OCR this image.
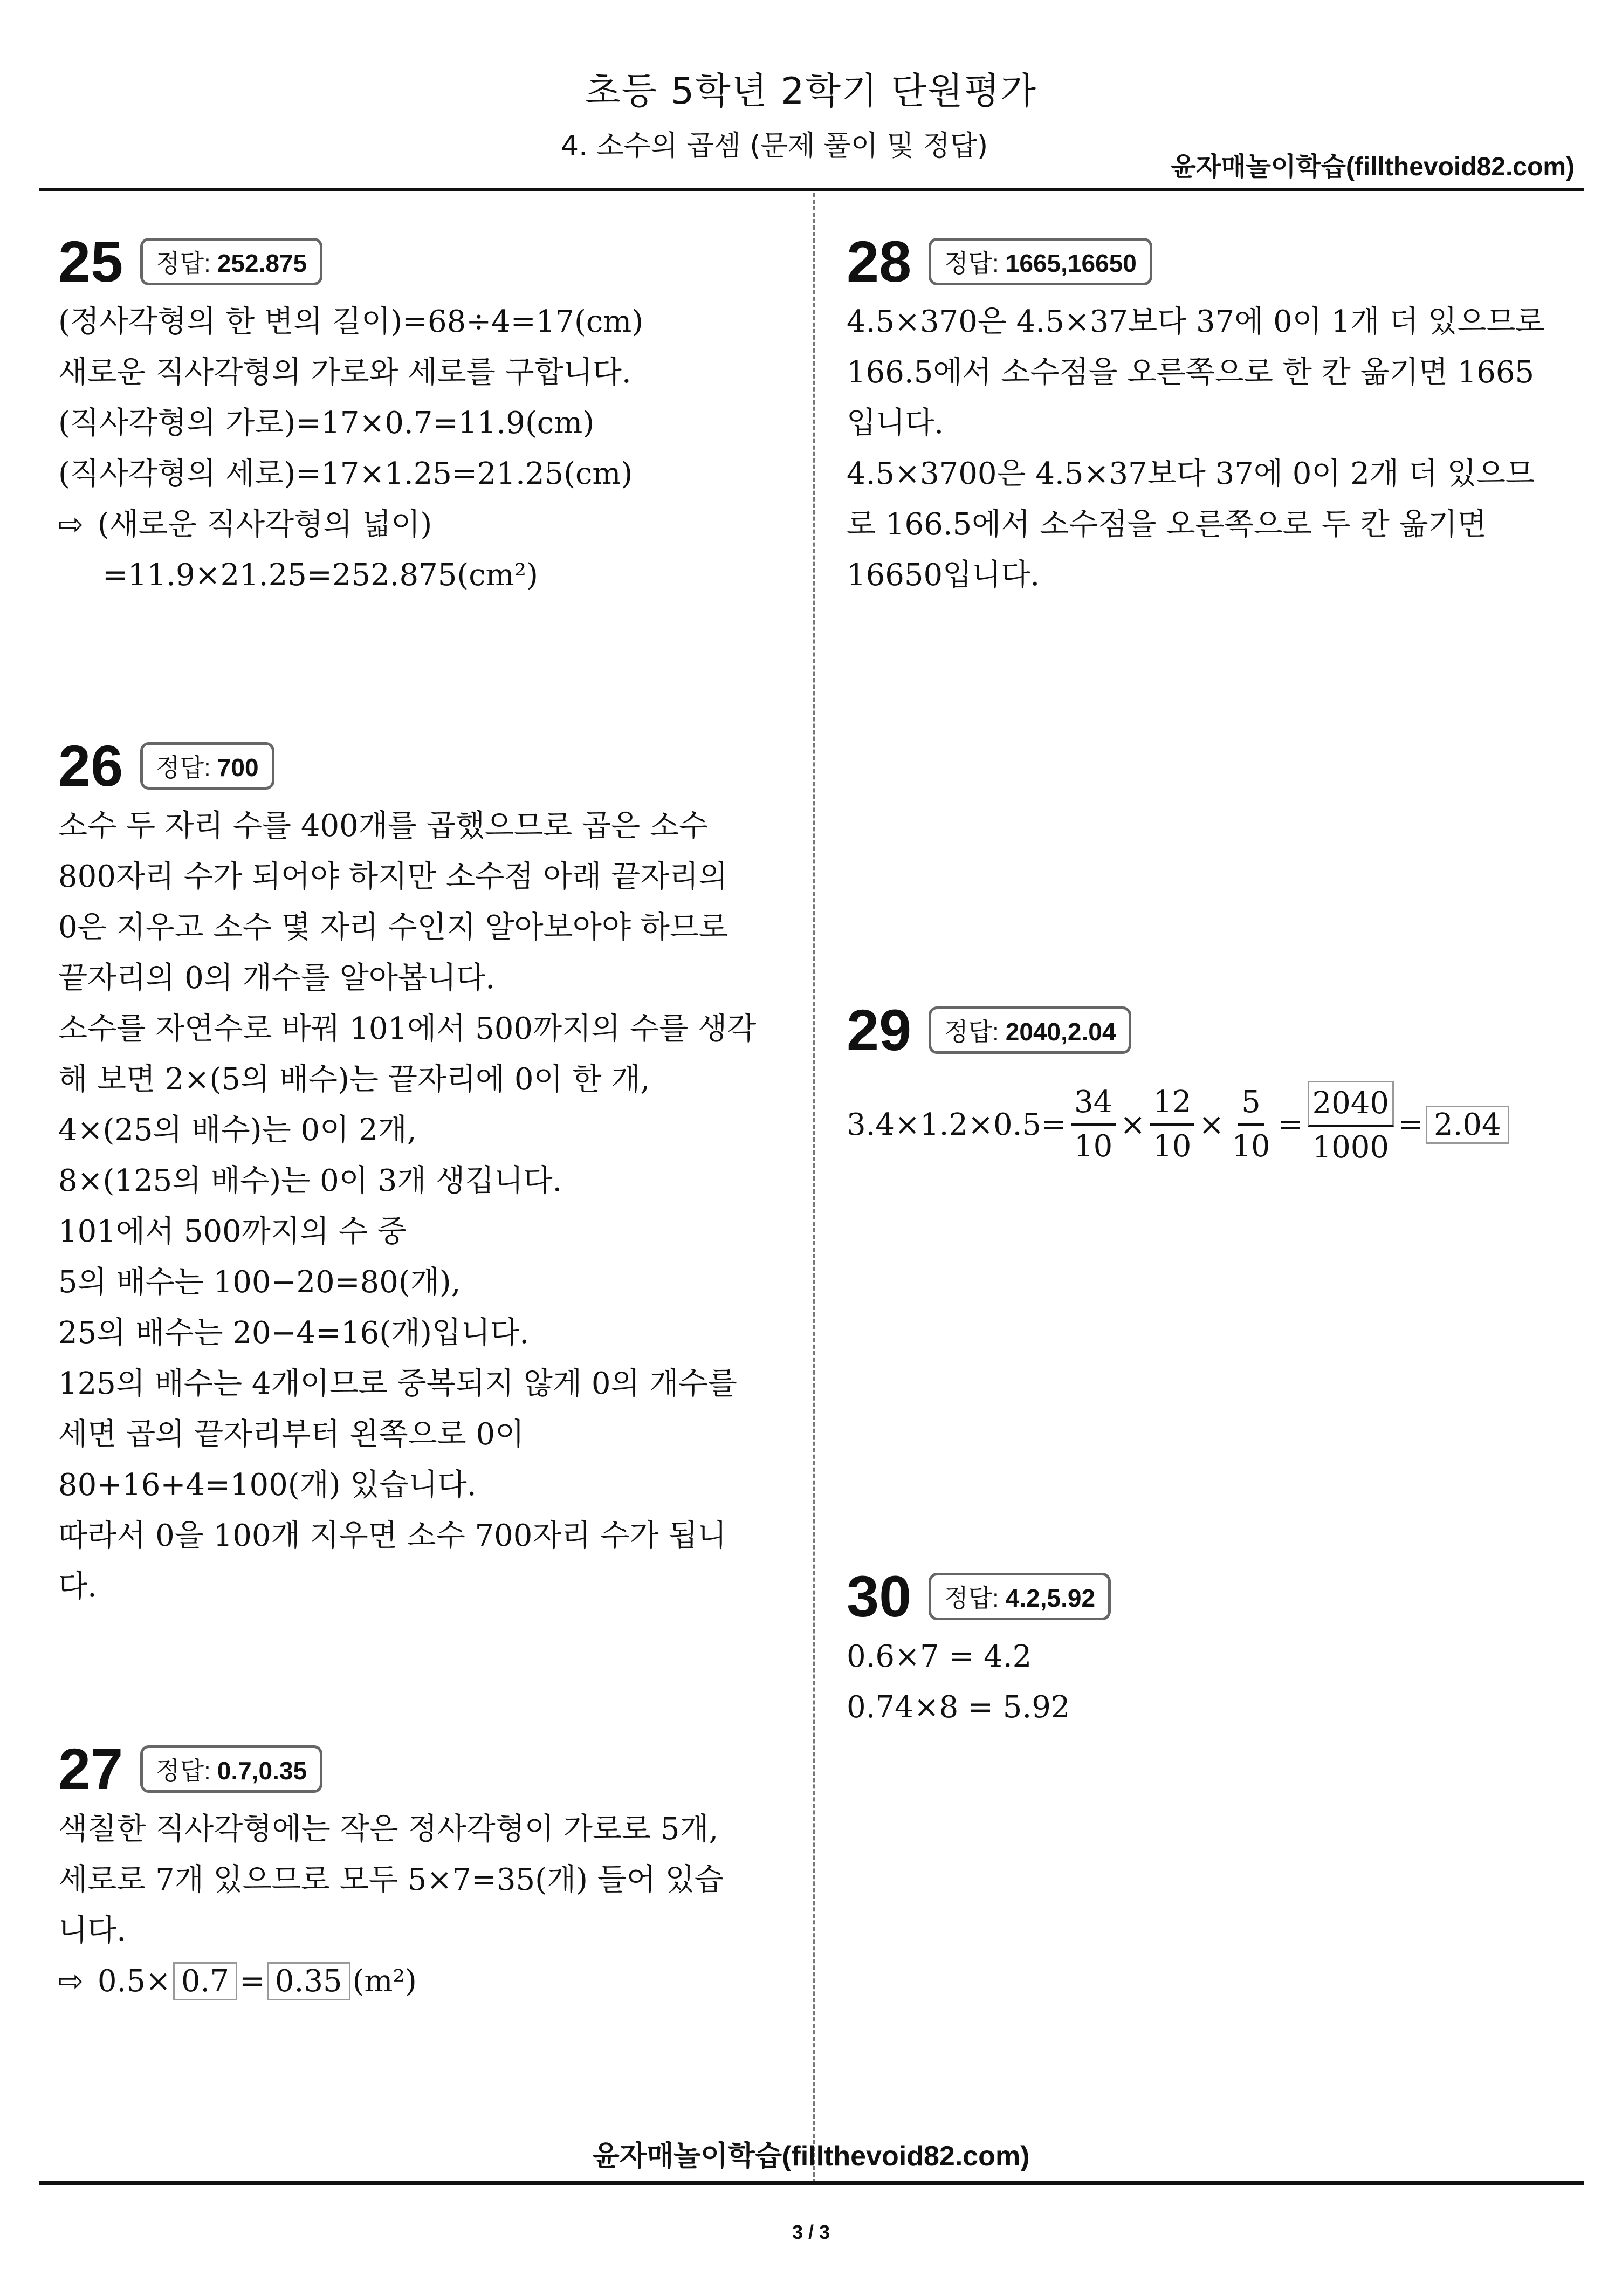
초등 5학년 2학기 단원평가
4. 소수의 곱셈 (문제 풀이 및 정답)
윤자매놀이학습(fillthevoid82.com)
25	정답: 252.875
(정사각형의 한 변의 길이)=68÷4=17(cm)
새로운 직사각형의 가로와 세로를 구합니다.
(직사각형의 가로)=17×0.7=11.9(cm)
(직사각형의 세로)=17×1.25=21.25(cm)
⇨ (새로운 직사각형의 넓이)
=11.9×21.25=252.875(cm²)
26	정답: 700
소수 두 자리 수를 400개를 곱했으므로 곱은 소수
800자리 수가 되어야 하지만 소수점 아래 끝자리의
0은 지우고 소수 몇 자리 수인지 알아보아야 하므로
끝자리의 0의 개수를 알아봅니다.
소수를 자연수로 바꿔 101에서 500까지의 수를 생각
해 보면 2×(5의 배수)는 끝자리에 0이 한 개,
4×(25의 배수)는 0이 2개,
8×(125의 배수)는 0이 3개 생깁니다.
101에서 500까지의 수 중
5의 배수는 100−20=80(개),
25의 배수는 20−4=16(개)입니다.
125의 배수는 4개이므로 중복되지 않게 0의 개수를
세면 곱의 끝자리부터 왼쪽으로 0이
80+16+4=100(개) 있습니다.
따라서 0을 100개 지우면 소수 700자리 수가 됩니
다.
27	정답: 0.7,0.35
색칠한 직사각형에는 작은 정사각형이 가로로 5개,
세로로 7개 있으므로 모두 5×7=35(개) 들어 있습
니다.
⇨ 0.5× 0.7 = 0.35 (m²)
28	정답: 1665,16650
4.5×370은 4.5×37보다 37에 0이 1개 더 있으므로
166.5에서 소수점을 오른쪽으로 한 칸 옮기면 1665
입니다.
4.5×3700은 4.5×37보다 37에 0이 2개 더 있으므
로 166.5에서 소수점을 오른쪽으로 두 칸 옮기면
16650입니다.
29	정답: 2040,2.04
$3.4\times 1.2\times 0.5= \frac{34}{10} \times \frac{12}{10} \times \frac{5}{10} = \frac{2040}{1000} = 2.04$
30	정답: 4.2,5.92
0.6×7 = 4.2
0.74×8 = 5.92
윤자매놀이학습(fillthevoid82.com)
3 / 3
